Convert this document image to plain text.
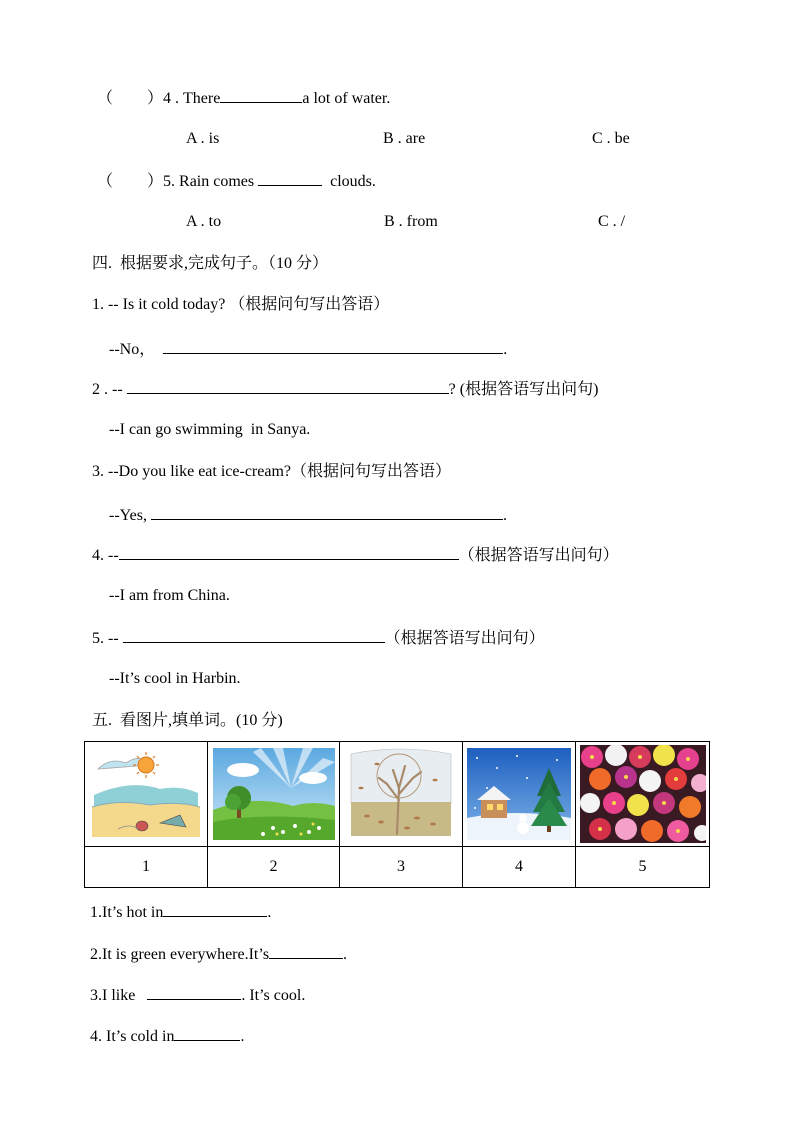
（ ）4 . There	a lot of water.
A . is	B . are	C . be
（ ）5. Rain comes	clouds.
A . to	B . from	C . /
四.  根据要求,完成句子。（10 分）
1. -- Is it cold today? （根据问句写出答语）
--No，	.
2 . --	? (根据答语写出问句)
--I can go swimming  in Sanya.
3. --Do you like eat ice-cream?（根据问句写出答语）
--Yes,	.
4. --	（根据答语写出问句）
--I am from China.
5. --	（根据答语写出问句）
--It’s cool in Harbin.
五.  看图片,填单词。(10 分)

1	2	3	4	5
1.It’s hot in	.
2.It is green everywhere.It’s	.
3.I like	. It’s cool.
4. It’s cold in	.
